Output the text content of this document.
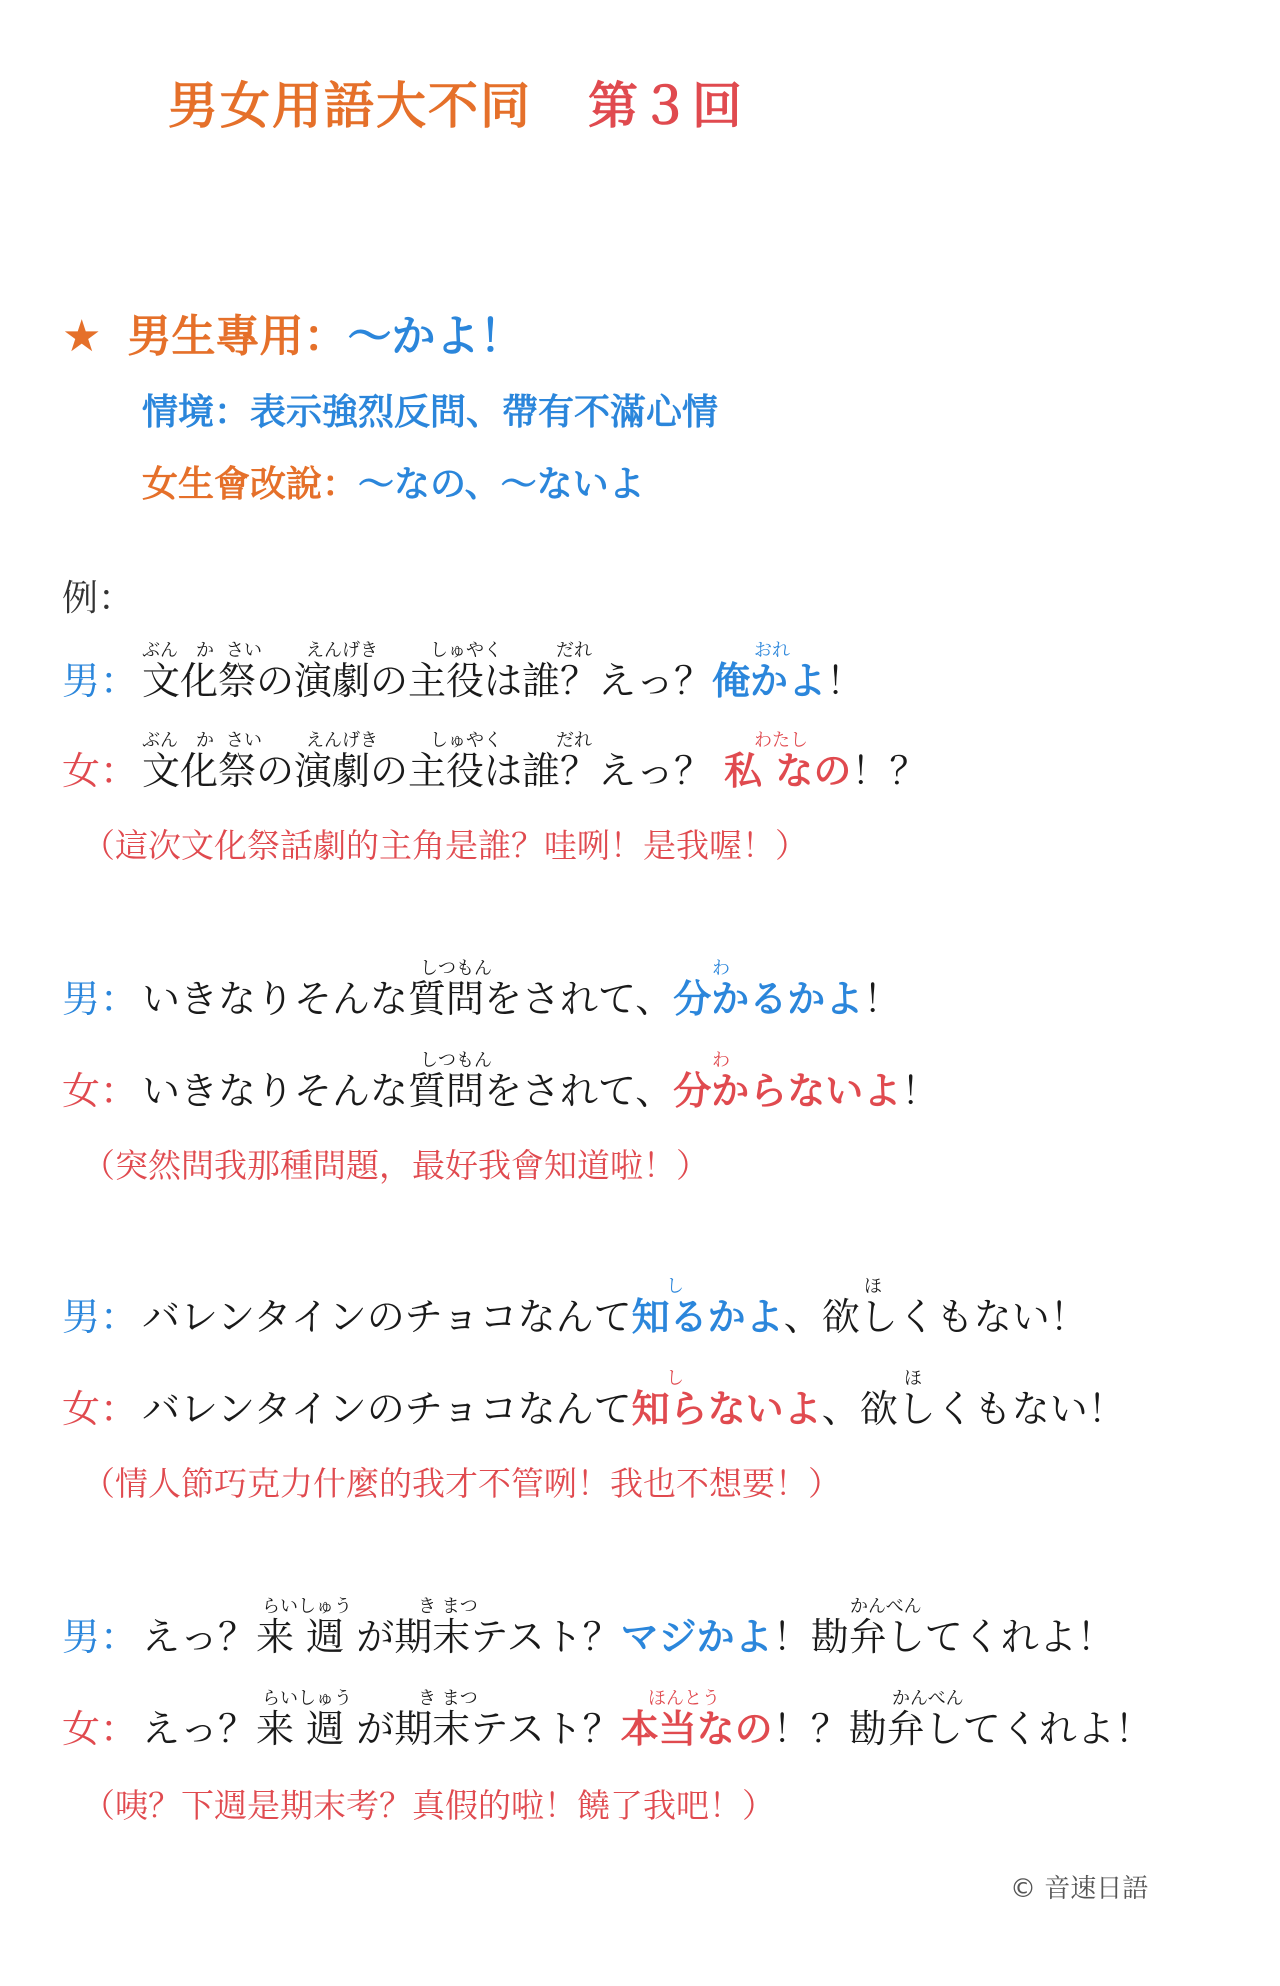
男女用語大不同 第３回
★ 男生專用：～かよ！
情境：表示強烈反問、帶有不滿心情
女生會改說：～なの、～ないよ
例：
ぶん か さい えんげき	しゅやく	だれ	おれ
男： 文化祭の演劇の主役は誰？えっ？俺かよ！
ぶん か さい えんげき	しゅやく	だれ	わたし
女： 文化祭の演劇の主役は誰？えっ？ 私 なの！？
（這次文化祭話劇的主角是誰？哇咧！是我喔！）
しつもん	わ
男： いきなりそんな質問をされて、分かるかよ！
しつもん	わ
女： いきなりそんな質問をされて、分からないよ！
（突然問我那種問題，最好我會知道啦！）
し	ほ
男： バレンタインのチョコなんて知るかよ、欲しくもない！
し	ほ
女： バレンタインのチョコなんて知らないよ、欲しくもない！
（情人節巧克力什麼的我才不管咧！我也不想要！）
らいしゅう	き まつ	かんべん
男： えっ？来 週 が期末テスト？マジかよ！勘弁してくれよ！
らいしゅう	き まつ	ほんとう	かんべん
女： えっ？来 週 が期末テスト？本当なの！？勘弁してくれよ！
（咦？下週是期末考？真假的啦！饒了我吧！）
© 音速日語
